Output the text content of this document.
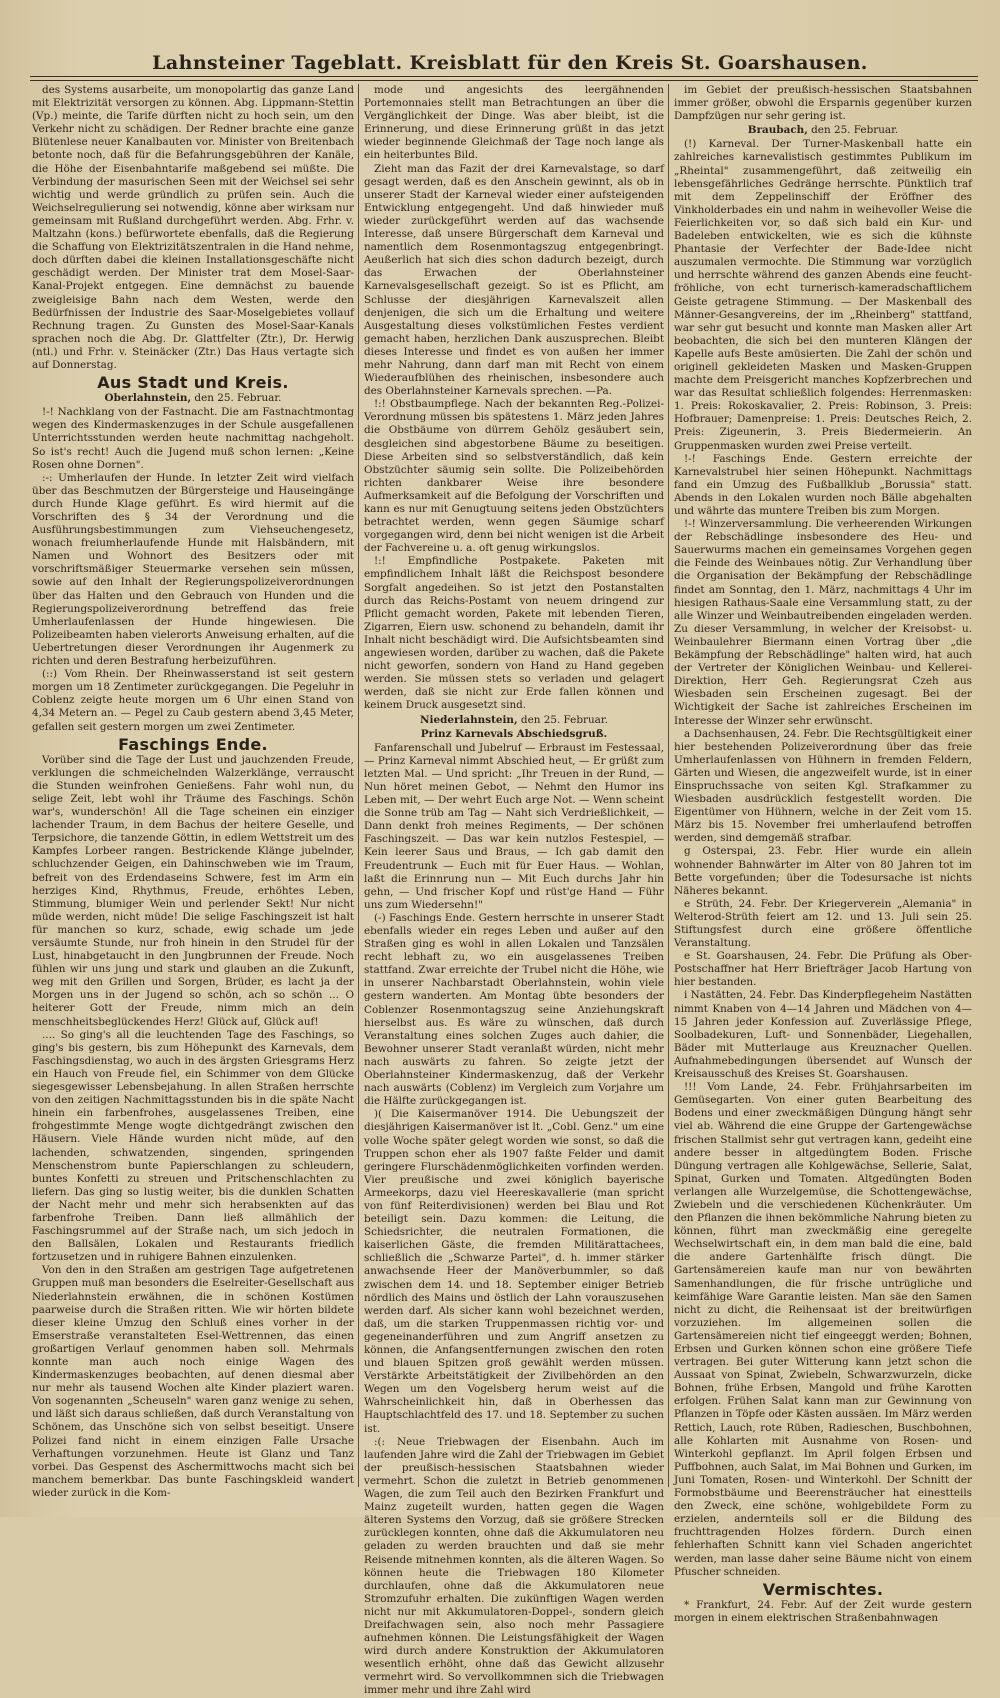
Lahnsteiner Tageblatt. Kreisblatt für den Kreis St. Goarshausen.

des Systems ausarbeite, um monopolartig das ganze Land mit Elektrizität versorgen zu können. Abg. Lippmann-Stettin (Vp.) meinte, die Tarife dürften nicht zu hoch sein, um den Verkehr nicht zu schädigen. Der Redner brachte eine ganze Blütenlese neuer Kanalbauten vor. Minister von Breitenbach betonte noch, daß für die Befahrungsgebühren der Kanäle, die Höhe der Eisenbahntarife maßgebend sei müßte. Die Verbindung der masurischen Seen mit der Weichsel sei sehr wichtig und werde gründlich zu prüfen sein. Auch die Weichselregulierung sei notwendig, könne aber wirksam nur gemeinsam mit Rußland durchgeführt werden. Abg. Frhr. v. Maltzahn (kons.) befürwortete ebenfalls, daß die Regierung die Schaffung von Elektrizitätszentralen in die Hand nehme, doch dürften dabei die kleinen Installationsgeschäfte nicht geschädigt werden. Der Minister trat dem Mosel-Saar-Kanal-Projekt entgegen. Eine demnächst zu bauende zweigleisige Bahn nach dem Westen, werde den Bedürfnissen der Industrie des Saar-Moselgebietes vollauf Rechnung tragen. Zu Gunsten des Mosel-Saar-Kanals sprachen noch die Abg. Dr. Glattfelter (Ztr.), Dr. Herwig (ntl.) und Frhr. v. Steinäcker (Ztr.) Das Haus vertagte sich auf Donnerstag.

Aus Stadt und Kreis.
Oberlahnstein, den 25. Februar.

!-! Nachklang von der Fastnacht. Die am Fastnachtmontag wegen des Kindermaskenzuges in der Schule ausgefallenen Unterrichtsstunden werden heute nachmittag nachgeholt. So ist's recht! Auch die Jugend muß schon lernen: „Keine Rosen ohne Dornen".

:-: Umherlaufen der Hunde. In letzter Zeit wird vielfach über das Beschmutzen der Bürgersteige und Hauseingänge durch Hunde Klage geführt. Es wird hiermit auf die Vorschriften des § 34 der Verordnung und die Ausführungsbestimmungen zum Viehseuchengesetz, wonach freiumherlaufende Hunde mit Halsbändern, mit Namen und Wohnort des Besitzers oder mit vorschriftsmäßiger Steuermarke versehen sein müssen, sowie auf den Inhalt der Regierungspolizeiverordnungen über das Halten und den Gebrauch von Hunden und die Regierungspolizeiverordnung betreffend das freie Umherlaufenlassen der Hunde hingewiesen. Die Polizeibeamten haben vielerorts Anweisung erhalten, auf die Uebertretungen dieser Verordnungen ihr Augenmerk zu richten und deren Bestrafung herbeizuführen.

(::) Vom Rhein. Der Rheinwasserstand ist seit gestern morgen um 18 Zentimeter zurückgegangen. Die Pegeluhr in Coblenz zeigte heute morgen um 6 Uhr einen Stand von 4,34 Metern an. — Pegel zu Caub gestern abend 3,45 Meter, gefallen seit gestern morgen um zwei Zentimeter.

Faschings Ende.

Vorüber sind die Tage der Lust und jauchzenden Freude, verklungen die schmeichelnden Walzerklänge, verrauscht die Stunden weinfrohen Genießens. Fahr wohl nun, du selige Zeit, lebt wohl ihr Träume des Faschings. Schön war's, wunderschön! All die Tage scheinen ein einziger lachender Traum, in dem Bachus der heitere Geselle, und Terpsichore, die tanzende Göttin, in edlem Wettstreit um des Kampfes Lorbeer rangen. Bestrickende Klänge jubelnder, schluchzender Geigen, ein Dahinschweben wie im Traum, befreit von des Erdendaseins Schwere, fest im Arm ein herziges Kind, Rhythmus, Freude, erhöhtes Leben, Stimmung, blumiger Wein und perlender Sekt! Nur nicht müde werden, nicht müde! Die selige Faschingszeit ist halt für manchen so kurz, schade, ewig schade um jede versäumte Stunde, nur froh hinein in den Strudel für der Lust, hinabgetaucht in den Jungbrunnen der Freude. Noch fühlen wir uns jung und stark und glauben an die Zukunft, weg mit den Grillen und Sorgen, Brüder, es lacht ja der Morgen uns in der Jugend so schön, ach so schön ... O heiterer Gott der Freude, nimm mich an dein menschheitsbeglückendes Herz! Glück auf, Glück auf!

.... So ging's all die leuchtenden Tage des Faschings, so ging's bis gestern, bis zum Höhepunkt des Karnevals, dem Faschingsdienstag, wo auch in des ärgsten Griesgrams Herz ein Hauch von Freude fiel, ein Schimmer von dem Glücke siegesgewisser Lebensbejahung. In allen Straßen herrschte von den zeitigen Nachmittagsstunden bis in die späte Nacht hinein ein farbenfrohes, ausgelassenes Treiben, eine frohgestimmte Menge wogte dichtgedrängt zwischen den Häusern. Viele Hände wurden nicht müde, auf den lachenden, schwatzenden, singenden, springenden Menschenstrom bunte Papierschlangen zu schleudern, buntes Konfetti zu streuen und Pritschenschlachten zu liefern. Das ging so lustig weiter, bis die dunklen Schatten der Nacht mehr und mehr sich herabsenkten auf das farbenfrohe Treiben. Dann ließ allmählich der Faschingsrummel auf der Straße nach, um sich jedoch in den Ballsälen, Lokalen und Restaurants friedlich fortzusetzen und in ruhigere Bahnen einzulenken.

Von den in den Straßen am gestrigen Tage aufgetretenen Gruppen muß man besonders die Eselreiter-Gesellschaft aus Niederlahnstein erwähnen, die in schönen Kostümen paarweise durch die Straßen ritten. Wie wir hörten bildete dieser kleine Umzug den Schluß eines vorher in der Emserstraße veranstalteten Esel-Wettrennen, das einen großartigen Verlauf genommen haben soll. Mehrmals konnte man auch noch einige Wagen des Kindermaskenzuges beobachten, auf denen diesmal aber nur mehr als tausend Wochen alte Kinder plaziert waren. Von sogenannten „Scheuseln" waren ganz wenige zu sehen, und läßt sich daraus schließen, daß durch Veranstaltung von Schönem, das Unschöne sich von selbst beseitigt. Unsere Polizei fand nicht in einem einzigen Falle Ursache Verhaftungen vorzunehmen. Heute ist Glanz und Tanz vorbei. Das Gespenst des Aschermittwochs macht sich bei manchem bemerkbar. Das bunte Faschingskleid wandert wieder zurück in die Kom-

mode und angesichts des leergähnenden Portemonnaies stellt man Betrachtungen an über die Vergänglichkeit der Dinge. Was aber bleibt, ist die Erinnerung, und diese Erinnerung grüßt in das jetzt wieder beginnende Gleichmaß der Tage noch lange als ein heiterbuntes Bild.

Zieht man das Fazit der drei Karnevalstage, so darf gesagt werden, daß es den Anschein gewinnt, als ob in unserer Stadt der Karneval wieder einer aufsteigenden Entwicklung entgegengeht. Und daß hinwieder muß wieder zurückgeführt werden auf das wachsende Interesse, daß unsere Bürgerschaft dem Karneval und namentlich dem Rosenmontagszug entgegenbringt. Aeußerlich hat sich dies schon dadurch bezeigt, durch das Erwachen der Oberlahnsteiner Karnevalsgesellschaft gezeigt. So ist es Pflicht, am Schlusse der diesjährigen Karnevalszeit allen denjenigen, die sich um die Erhaltung und weitere Ausgestaltung dieses volkstümlichen Festes verdient gemacht haben, herzlichen Dank auszusprechen. Bleibt dieses Interesse und findet es von außen her immer mehr Nahrung, dann darf man mit Recht von einem Wiederaufblühen des rheinischen, insbesondere auch des Oberlahnsteiner Karnevals sprechen. —Pa.

!:! Obstbaumpflege. Nach der bekannten Reg.-Polizei-Verordnung müssen bis spätestens 1. März jeden Jahres die Obstbäume von dürrem Gehölz gesäubert sein, desgleichen sind abgestorbene Bäume zu beseitigen. Diese Arbeiten sind so selbstverständlich, daß kein Obstzüchter säumig sein sollte. Die Polizeibehörden richten dankbarer Weise ihre besondere Aufmerksamkeit auf die Befolgung der Vorschriften und kann es nur mit Genugtuung seitens jeden Obstzüchters betrachtet werden, wenn gegen Säumige scharf vorgegangen wird, denn bei nicht wenigen ist die Arbeit der Fachvereine u. a. oft genug wirkungslos.

!:! Empfindliche Postpakete. Paketen mit empfindlichem Inhalt läßt die Reichspost besondere Sorgfalt angedeihen. So ist jetzt den Postanstalten durch das Reichs-Postamt von neuem dringend zur Pflicht gemacht worden, Pakete mit lebenden Tieren, Zigarren, Eiern usw. schonend zu behandeln, damit ihr Inhalt nicht beschädigt wird. Die Aufsichtsbeamten sind angewiesen worden, darüber zu wachen, daß die Pakete nicht geworfen, sondern von Hand zu Hand gegeben werden. Sie müssen stets so verladen und gelagert werden, daß sie nicht zur Erde fallen können und keinem Druck ausgesetzt sind.

Niederlahnstein, den 25. Februar.
Prinz Karnevals Abschiedsgruß.

Fanfarenschall und Jubelruf — Erbraust im Festessaal, — Prinz Karneval nimmt Abschied heut, — Er grüßt zum letzten Mal. — Und spricht: „Ihr Treuen in der Rund, — Nun höret meinen Gebot, — Nehmt den Humor ins Leben mit, — Der wehrt Euch arge Not. — Wenn scheint die Sonne trüb am Tag — Naht sich Verdrießlichkeit, — Dann denkt froh meines Regiments, — Der schönen Faschingszeit. — Das war kein nutzlos Festespiel, — Kein leerer Saus und Braus, — Ich gab damit den Freudentrunk — Euch mit für Euer Haus. — Wohlan, laßt die Erinnrung nun — Mit Euch durchs Jahr hin gehn, — Und frischer Kopf und rüst'ge Hand — Führ uns zum Wiedersehn!"

(-) Faschings Ende. Gestern herrschte in unserer Stadt ebenfalls wieder ein reges Leben und außer auf den Straßen ging es wohl in allen Lokalen und Tanzsälen recht lebhaft zu, wo ein ausgelassenes Treiben stattfand. Zwar erreichte der Trubel nicht die Höhe, wie in unserer Nachbarstadt Oberlahnstein, wohin viele gestern wanderten. Am Montag übte besonders der Coblenzer Rosenmontagszug seine Anziehungskraft hierselbst aus. Es wäre zu wünschen, daß durch Veranstaltung eines solchen Zuges auch dahier, die Bewohner unserer Stadt veranlaßt würden, nicht mehr nach auswärts zu fahren. So zeigte jetzt der Oberlahnsteiner Kindermaskenzug, daß der Verkehr nach auswärts (Coblenz) im Vergleich zum Vorjahre um die Hälfte zurückgegangen ist.

)( Die Kaisermanöver 1914. Die Uebungszeit der diesjährigen Kaisermanöver ist lt. „Cobl. Genz." um eine volle Woche später gelegt worden wie sonst, so daß die Truppen schon eher als 1907 faßte Felder und damit geringere Flurschädenmöglichkeiten vorfinden werden. Vier preußische und zwei königlich bayerische Armeekorps, dazu viel Heereskavallerie (man spricht von fünf Reiterdivisionen) werden bei Blau und Rot beteiligt sein. Dazu kommen: die Leitung, die Schiedsrichter, die neutralen Formationen, die kaiserlichen Gäste, die fremden Militärattachees, schließlich die „Schwarze Partei", d. h. immer stärker anwachsende Heer der Manöverbummler, so daß zwischen dem 14. und 18. September einiger Betrieb nördlich des Mains und östlich der Lahn vorauszusehen werden darf. Als sicher kann wohl bezeichnet werden, daß, um die starken Truppenmassen richtig vor- und gegeneinanderführen und zum Angriff ansetzen zu können, die Anfangsentfernungen zwischen den roten und blauen Spitzen groß gewählt werden müssen. Verstärkte Arbeitstätigkeit der Zivilbehörden an den Wegen um den Vogelsberg herum weist auf die Wahrscheinlichkeit hin, daß in Oberhessen das Hauptschlachtfeld des 17. und 18. September zu suchen ist.

:(: Neue Triebwagen der Eisenbahn. Auch im laufenden Jahre wird die Zahl der Triebwagen im Gebiet der preußisch-hessischen Staatsbahnen wieder vermehrt. Schon die zuletzt in Betrieb genommenen Wagen, die zum Teil auch den Bezirken Frankfurt und Mainz zugeteilt wurden, hatten gegen die Wagen älteren Systems den Vorzug, daß sie größere Strecken zurücklegen konnten, ohne daß die Akkumulatoren neu geladen zu werden brauchten und daß sie mehr Reisende mitnehmen konnten, als die älteren Wagen. So können heute die Triebwagen 180 Kilometer durchlaufen, ohne daß die Akkumulatoren neue Stromzufuhr erhalten. Die zukünftigen Wagen werden nicht nur mit Akkumulatoren-Doppel-, sondern gleich Dreifachwagen sein, also noch mehr Passagiere aufnehmen können. Die Leistungsfähigkeit der Wagen wird durch andere Konstruktion der Akkumulatoren wesentlich erhöht, ohne daß das Gewicht allzusehr vermehrt wird. So vervollkommnen sich die Triebwagen immer mehr und ihre Zahl wird

im Gebiet der preußisch-hessischen Staatsbahnen immer größer, obwohl die Ersparnis gegenüber kurzen Dampfzügen nur sehr gering ist.

Braubach, den 25. Februar.

(!) Karneval. Der Turner-Maskenball hatte ein zahlreiches karnevalistisch gestimmtes Publikum im „Rheintal" zusammengeführt, daß zeitweilig ein lebensgefährliches Gedränge herrschte. Pünktlich traf mit dem Zeppelinschiff der Eröffner des Vinkholderbades ein und nahm in weihevoller Weise die Feierlichkeiten vor, so daß sich bald ein Kur- und Badeleben entwickelten, wie es sich die kühnste Phantasie der Verfechter der Bade-Idee nicht auszumalen vermochte. Die Stimmung war vorzüglich und herrschte während des ganzen Abends eine feucht-fröhliche, von echt turnerisch-kameradschaftlichem Geiste getragene Stimmung. — Der Maskenball des Männer-Gesangvereins, der im „Rheinberg" stattfand, war sehr gut besucht und konnte man Masken aller Art beobachten, die sich bei den munteren Klängen der Kapelle aufs Beste amüsierten. Die Zahl der schön und originell gekleideten Masken und Masken-Gruppen machte dem Preisgericht manches Kopfzerbrechen und war das Resultat schließlich folgendes: Herrenmasken: 1. Preis: Rokoskavalier, 2. Preis: Robinson, 3. Preis: Hofbrauer; Damenpreise: 1. Preis: Deutsches Reich, 2. Preis: Zigeunerin, 3. Preis Biedermeierin. An Gruppenmasken wurden zwei Preise verteilt.

!-! Faschings Ende. Gestern erreichte der Karnevalstrubel hier seinen Höhepunkt. Nachmittags fand ein Umzug des Fußballklub „Borussia" statt. Abends in den Lokalen wurden noch Bälle abgehalten und währte das muntere Treiben bis zum Morgen.

!-! Winzerversammlung. Die verheerenden Wirkungen der Rebschädlinge insbesondere des Heu- und Sauerwurms machen ein gemeinsames Vorgehen gegen die Feinde des Weinbaues nötig. Zur Verhandlung über die Organisation der Bekämpfung der Rebschädlinge findet am Sonntag, den 1. März, nachmittags 4 Uhr im hiesigen Rathaus-Saale eine Versammlung statt, zu der alle Winzer und Weinbautreibenden eingeladen werden. Zu dieser Versammlung, in welcher der Kreisobst- u. Weinbaulehrer Biermann einen Vortrag über „die Bekämpfung der Rebschädlinge" halten wird, hat auch der Vertreter der Königlichen Weinbau- und Kellerei-Direktion, Herr Geh. Regierungsrat Czeh aus Wiesbaden sein Erscheinen zugesagt. Bei der Wichtigkeit der Sache ist zahlreiches Erscheinen im Interesse der Winzer sehr erwünscht.

a Dachsenhausen, 24. Febr. Die Rechtsgültigkeit einer hier bestehenden Polizeiverordnung über das freie Umherlaufenlassen von Hühnern in fremden Feldern, Gärten und Wiesen, die angezweifelt wurde, ist in einer Einspruchssache von seiten Kgl. Strafkammer zu Wiesbaden ausdrücklich festgestellt worden. Die Eigentümer von Hühnern, welche in der Zeit vom 15. März bis 15. November frei umherlaufend betroffen werden, sind demgemäß strafbar.

g Osterspai, 23. Febr. Hier wurde ein allein wohnender Bahnwärter im Alter von 80 Jahren tot im Bette vorgefunden; über die Todesursache ist nichts Näheres bekannt.

e Strüth, 24. Febr. Der Kriegerverein „Alemania" in Welterod-Strüth feiert am 12. und 13. Juli sein 25. Stiftungsfest durch eine größere öffentliche Veranstaltung.

e St. Goarshausen, 24. Febr. Die Prüfung als Ober-Postschaffner hat Herr Briefträger Jacob Hartung von hier bestanden.

i Nastätten, 24. Febr. Das Kinderpflegeheim Nastätten nimmt Knaben von 4—14 Jahren und Mädchen von 4—15 Jahren jeder Konfession auf. Zuverlässige Pflege, Soolbadekuren, Luft- und Sonnenbäder, Liegehallen, Bäder mit Mutterlauge aus Kreuznacher Quellen. Aufnahmebedingungen übersendet auf Wunsch der Kreisausschuß des Kreises St. Goarshausen.

!!! Vom Lande, 24. Febr. Frühjahrsarbeiten im Gemüsegarten. Von einer guten Bearbeitung des Bodens und einer zweckmäßigen Düngung hängt sehr viel ab. Während die eine Gruppe der Gartengewächse frischen Stallmist sehr gut vertragen kann, gedeiht eine andere besser in altgedüngtem Boden. Frische Düngung vertragen alle Kohlgewächse, Sellerie, Salat, Spinat, Gurken und Tomaten. Altgedüngten Boden verlangen alle Wurzelgemüse, die Schottengewächse, Zwiebeln und die verschiedenen Küchenkräuter. Um den Pflanzen die ihnen bekömmliche Nahrung bieten zu können, führt man zweckmäßig eine geregelte Wechselwirtschaft ein, in dem man bald die eine, bald die andere Gartenhälfte frisch düngt. Die Gartensämereien kaufe man nur von bewährten Samenhandlungen, die für frische untrügliche und keimfähige Ware Garantie leisten. Man säe den Samen nicht zu dicht, die Reihensaat ist der breitwürfigen vorzuziehen. Im allgemeinen sollen die Gartensämereien nicht tief eingeeggt werden; Bohnen, Erbsen und Gurken können schon eine größere Tiefe vertragen. Bei guter Witterung kann jetzt schon die Aussaat von Spinat, Zwiebeln, Schwarzwurzeln, dicke Bohnen, frühe Erbsen, Mangold und frühe Karotten erfolgen. Frühen Salat kann man zur Gewinnung von Pflanzen in Töpfe oder Kästen aussäen. Im März werden Rettich, Lauch, rote Rüben, Radieschen, Buschbohnen, alle Kohlarten mit Ausnahme von Rosen- und Winterkohl gepflanzt. Im April folgen Erbsen und Puffbohnen, auch Salat, im Mai Bohnen und Gurken, im Juni Tomaten, Rosen- und Winterkohl. Der Schnitt der Formobstbäume und Beerensträucher hat einestteils den Zweck, eine schöne, wohlgebildete Form zu erzielen, andernteils soll er die Bildung des fruchttragenden Holzes fördern. Durch einen fehlerhaften Schnitt kann viel Schaden angerichtet werden, man lasse daher seine Bäume nicht von einem Pfuscher schneiden.

Vermischtes.

* Frankfurt, 24. Febr. Auf der Zeit wurde gestern morgen in einem elektrischen Straßenbahnwagen
